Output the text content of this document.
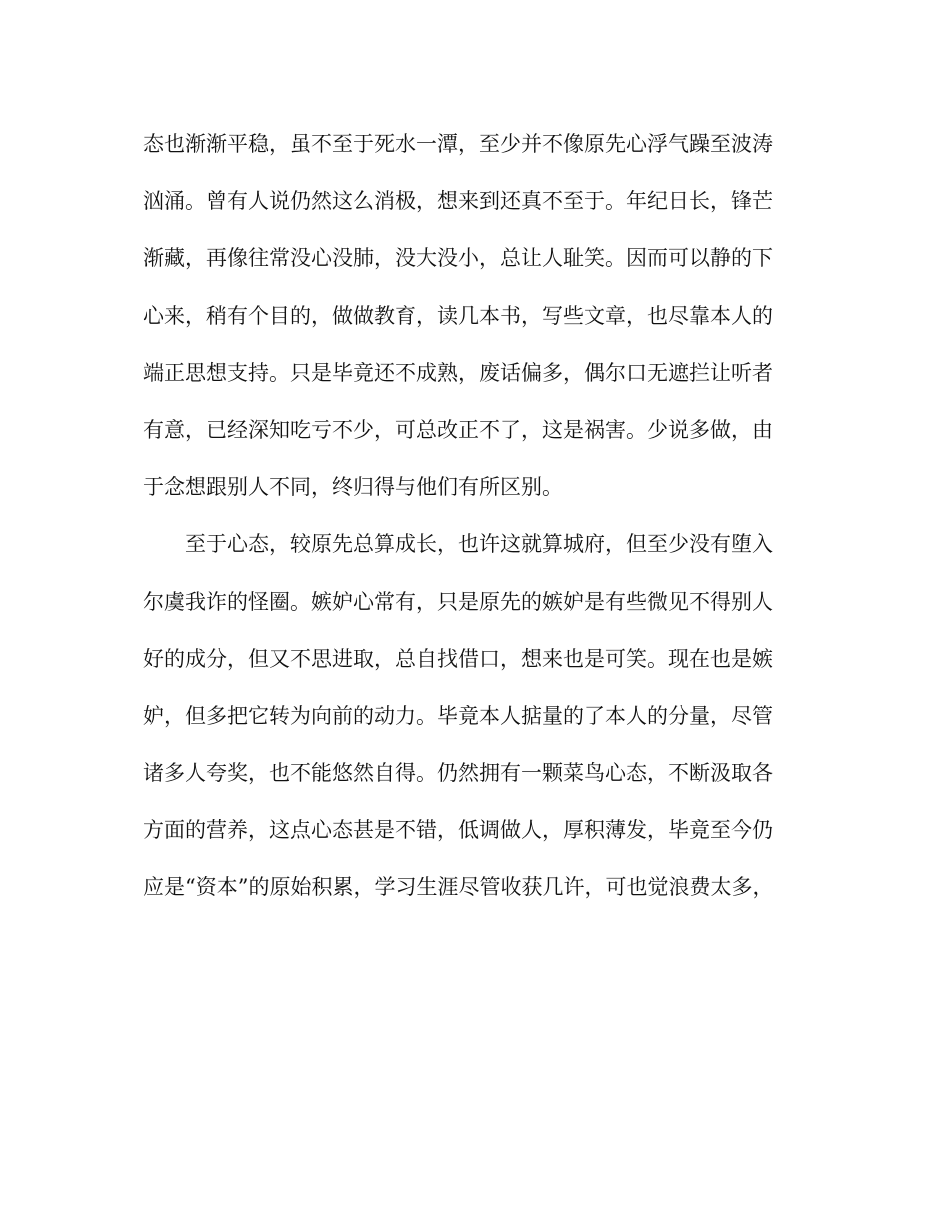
态也渐渐平稳，虽不至于死水一潭，至少并不像原先心浮气躁至波涛
汹涌。曾有人说仍然这么消极，想来到还真不至于。年纪日长，锋芒
渐藏，再像往常没心没肺，没大没小，总让人耻笑。因而可以静的下
心来，稍有个目的，做做教育，读几本书，写些文章，也尽靠本人的
端正思想支持。只是毕竟还不成熟，废话偏多，偶尔口无遮拦让听者
有意，已经深知吃亏不少，可总改正不了，这是祸害。少说多做，由
于念想跟别人不同，终归得与他们有所区别。
至于心态，较原先总算成长，也许这就算城府，但至少没有堕入
尔虞我诈的怪圈。嫉妒心常有，只是原先的嫉妒是有些微见不得别人
好的成分，但又不思进取，总自找借口，想来也是可笑。现在也是嫉
妒，但多把它转为向前的动力。毕竟本人掂量的了本人的分量，尽管
诸多人夸奖，也不能悠然自得。仍然拥有一颗菜鸟心态，不断汲取各
方面的营养，这点心态甚是不错，低调做人，厚积薄发，毕竟至今仍
应是“资本”的原始积累，学习生涯尽管收获几许，可也觉浪费太多，
